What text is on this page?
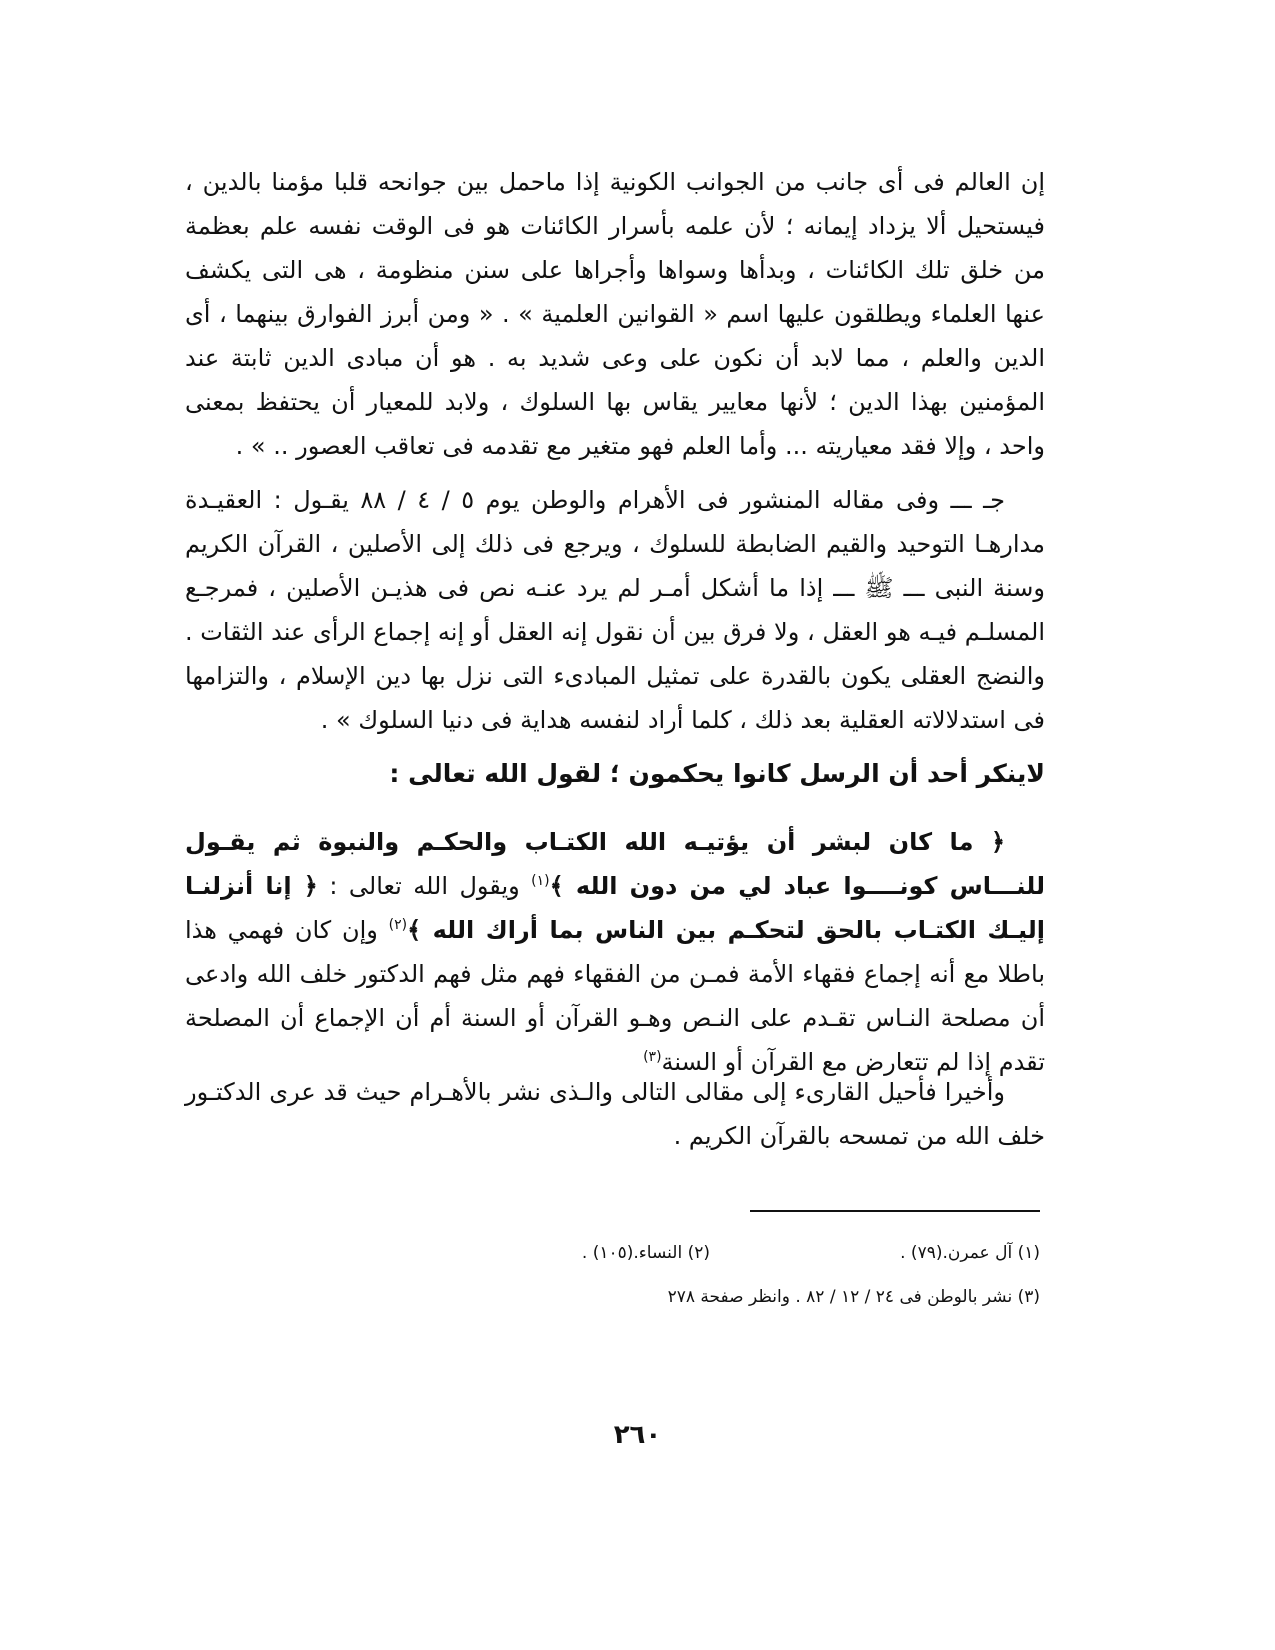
إن العالم فى أى جانب من الجوانب الكونية إذا ماحمل بين جوانحه قلبا مؤمنا بالدين ، فيستحيل ألا يزداد إيمانه ؛ لأن علمه بأسرار الكائنات هو فى الوقت نفسه علم بعظمة من خلق تلك الكائنات ، وبدأها وسواها وأجراها على سنن منظومة ، هى التى يكشف عنها العلماء ويطلقون عليها اسم « القوانين العلمية » . « ومن أبرز الفوارق بينهما ، أى الدين والعلم ، مما لابد أن نكون على وعى شديد به . هو أن مبادى الدين ثابتة عند المؤمنين بهذا الدين ؛ لأنها معايير يقاس بها السلوك ، ولابد للمعيار أن يحتفظ بمعنى واحد ، وإلا فقد معياريته ... وأما العلم فهو متغير مع تقدمه فى تعاقب العصور .. » .

جـ ـــ وفى مقاله المنشور فى الأهرام والوطن يوم ٥ / ٤ / ٨٨ يقـول : العقيـدة مدارهـا التوحيد والقيم الضابطة للسلوك ، ويرجع فى ذلك إلى الأصلين ، القرآن الكريم وسنة النبى ـــ ﷺ ـــ إذا ما أشكل أمـر لم يرد عنـه نص فى هذيـن الأصلين ، فمرجـع المسلـم فيـه هو العقل ، ولا فرق بين أن نقول إنه العقل أو إنه إجماع الرأى عند الثقات . والنضج العقلى يكون بالقدرة على تمثيل المبادىء التى نزل بها دين الإسلام ، والتزامها فى استدلالاته العقلية بعد ذلك ، كلما أراد لنفسه هداية فى دنيا السلوك » .

لاينكر أحد أن الرسل كانوا يحكمون ؛ لقول الله تعالى :

﴿ ما كان لبشر أن يؤتيـه الله الكتـاب والحكـم والنبوة ثم يقـول للنـــاس كونــــوا عباد لي من دون الله ﴾$^{(١)}$ ويقول الله تعالى : ﴿ إنا أنزلنـا إليـك الكتـاب بالحق لتحكـم بين الناس بما أراك الله ﴾$^{(٢)}$ وإن كان فهمي هذا باطلا مع أنه إجماع فقهاء الأمة فمـن من الفقهاء فهم مثل فهم الدكتور خلف الله وادعى أن مصلحة النـاس تقـدم على النـص وهـو القرآن أو السنة أم أن الإجماع أن المصلحة تقدم إذا لم تتعارض مع القرآن أو السنة$^{(٣)}$

وأخيرا فأحيل القارىء إلى مقالى التالى والـذى نشر بالأهـرام حيث قد عرى الدكتـور خلف الله من تمسحه بالقرآن الكريم .

(١) آل عمرن.(٧٩) .
(٢) النساء.(١٠٥) .
(٣) نشر بالوطن فى ٢٤ / ١٢ / ٨٢ . وانظر صفحة ٢٧٨
٢٦٠
